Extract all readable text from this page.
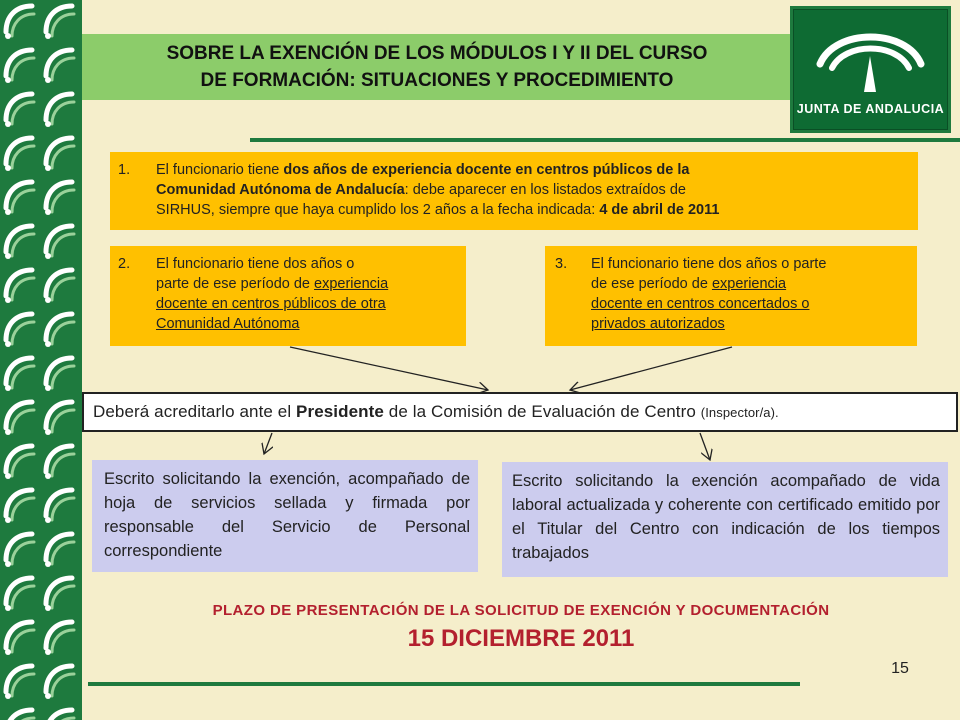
SOBRE LA EXENCIÓN DE LOS MÓDULOS I Y II DEL CURSO
DE FORMACIÓN: SITUACIONES Y PROCEDIMIENTO
JUNTA DE ANDALUCIA
1. El funcionario tiene dos años de experiencia docente en centros públicos de la
Comunidad Autónoma de Andalucía: debe aparecer en los listados extraídos de
SIRHUS, siempre que haya cumplido los 2 años a la fecha indicada: 4 de abril de 2011
2. El funcionario tiene dos años o
parte de ese período de experiencia
docente en centros públicos de otra
Comunidad Autónoma
3. El funcionario tiene dos años o parte
de ese período de experiencia
docente en centros concertados o
privados autorizados
Deberá acreditarlo ante el Presidente de la Comisión de Evaluación de Centro (Inspector/a).
Escrito solicitando la exención, acompañado de hoja de servicios sellada y firmada por responsable del Servicio de Personal correspondiente
Escrito solicitando la exención acompañado de vida laboral actualizada y coherente con certificado emitido por el Titular del Centro con indicación de los tiempos trabajados
PLAZO DE PRESENTACIÓN DE LA SOLICITUD DE EXENCIÓN Y DOCUMENTACIÓN
15 DICIEMBRE 2011
15
